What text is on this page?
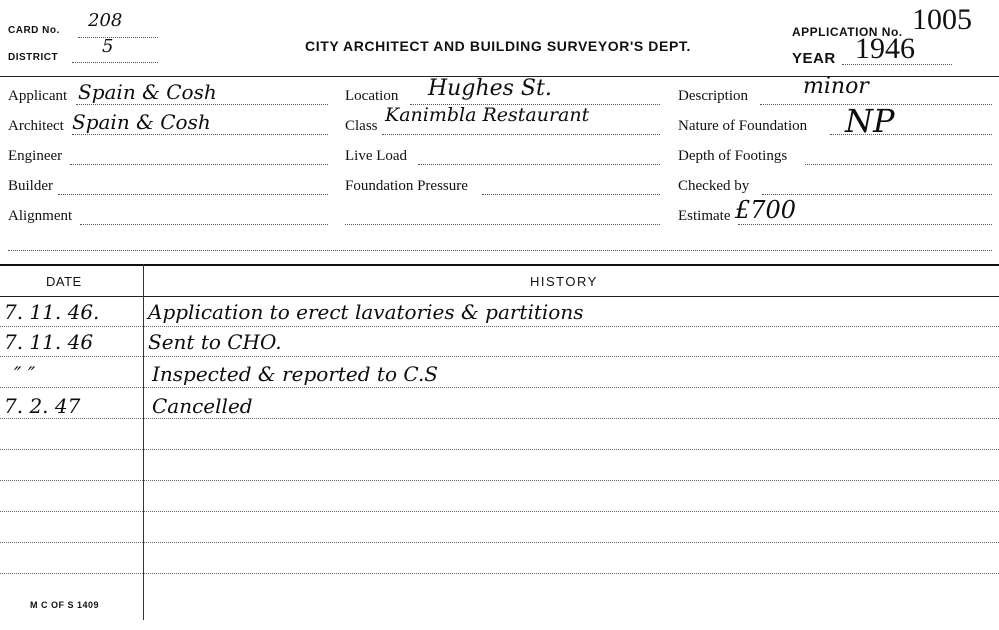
CARD No. 208
DISTRICT
5	CITY ARCHITECT AND BUILDING SURVEYOR'S DEPT.
APPLICATION No. 1005
YEAR 1946
Applicant Spain & Cosh
Architect Spain & Cosh
Engineer
Builder
Alignment
Location Hughes St.
Class Kanimbla Restaurant
Live Load
Foundation Pressure
Description	minor
Nature of Foundation NP
Depth of Footings
Checked by
Estimate £700
DATE	HISTORY
7. 11. 46. Application to erect lavatories & partitions
7. 11. 46	Sent to CHO.
″ ″	Inspected & reported to C.S
7. 2. 47	Cancelled
M C OF S 1409
